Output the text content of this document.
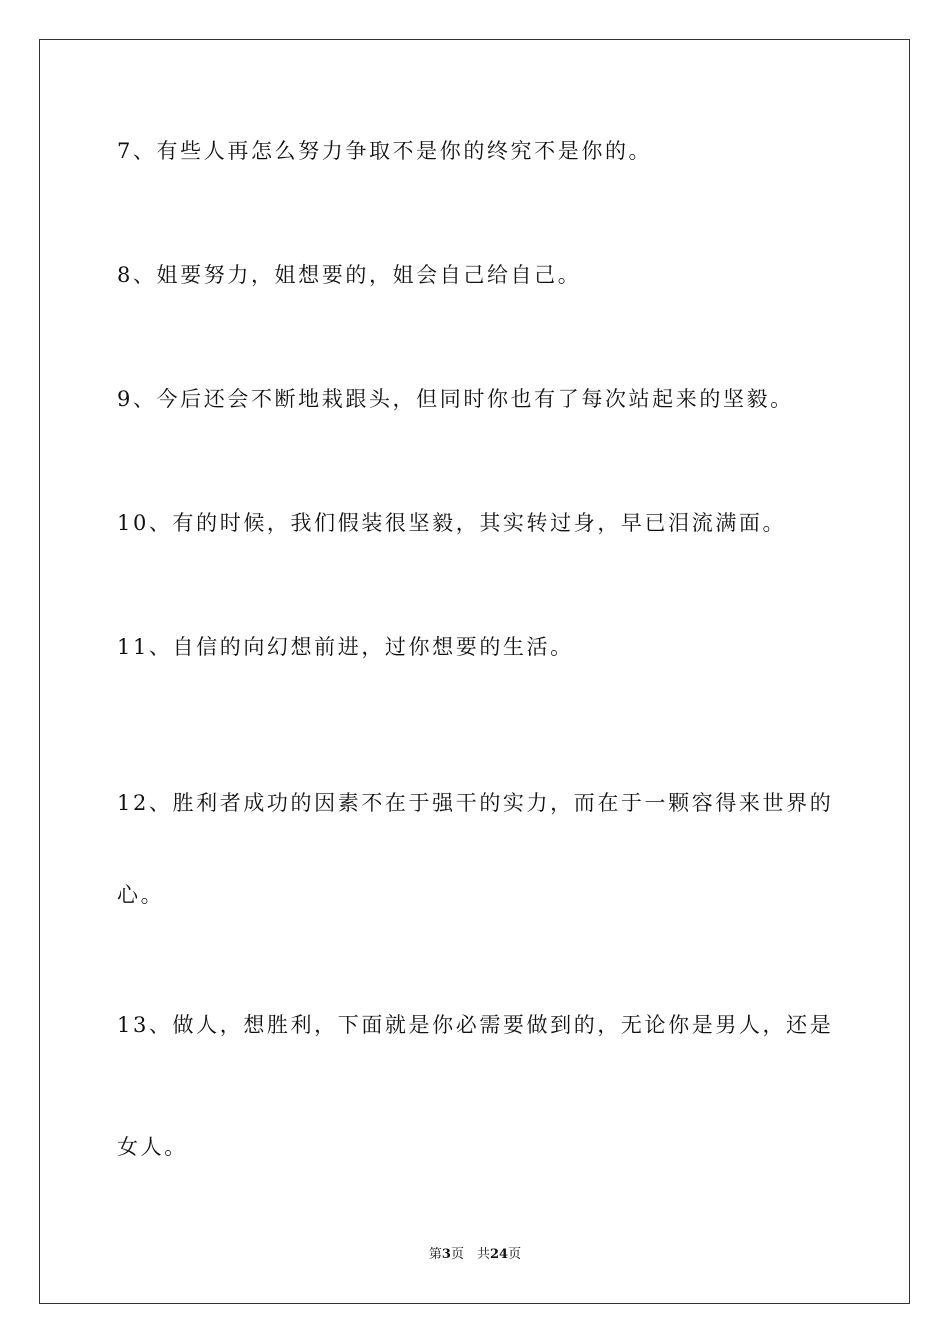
7、有些人再怎么努力争取不是你的终究不是你的。
8、姐要努力，姐想要的，姐会自己给自己。
9、今后还会不断地栽跟头，但同时你也有了每次站起来的坚毅。
10、有的时候，我们假装很坚毅，其实转过身，早已泪流满面。
11、自信的向幻想前进，过你想要的生活。
12、胜利者成功的因素不在于强干的实力，而在于一颗容得来世界的
心。
13、做人，想胜利，下面就是你必需要做到的，无论你是男人，还是
女人。
第3页　共24页
